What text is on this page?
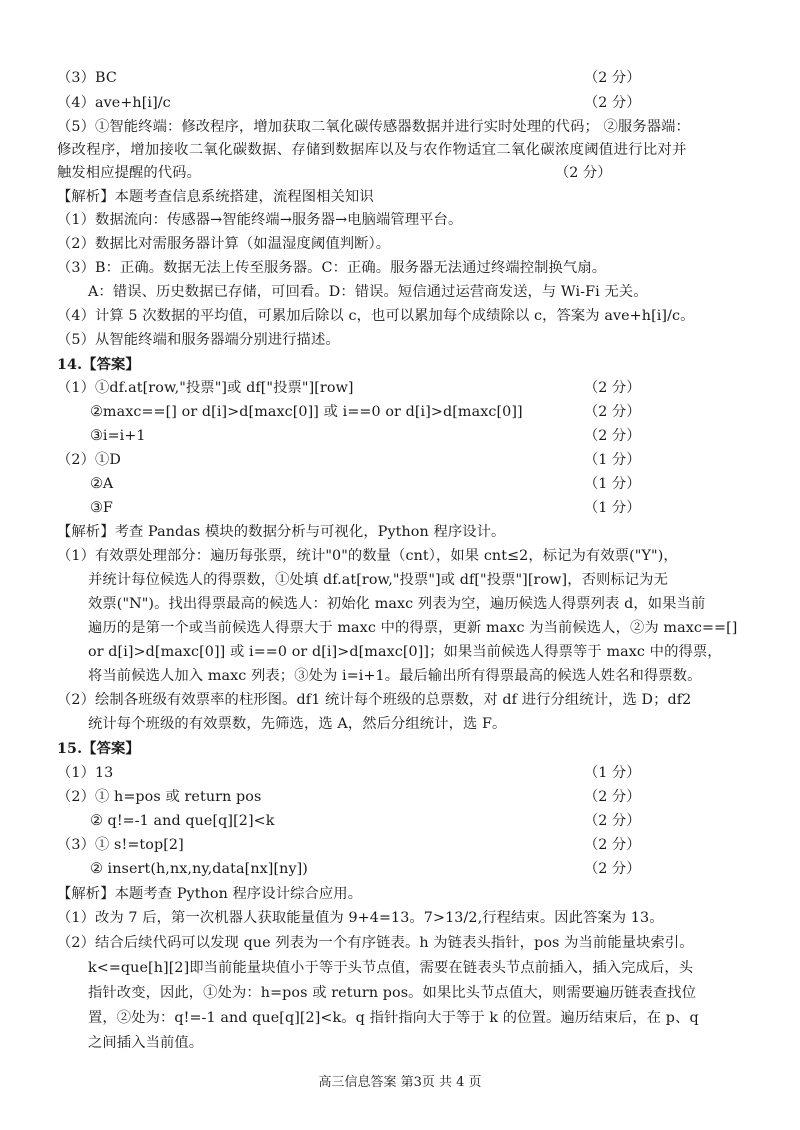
（3）BC	（2 分）
（4）ave+h[i]/c	（2 分）
（5）①智能终端：修改程序，增加获取二氧化碳传感器数据并进行实时处理的代码； ②服务器端：
修改程序，增加接收二氧化碳数据、存储到数据库以及与农作物适宜二氧化碳浓度阈值进行比对并
触发相应提醒的代码。	（2 分）
【解析】本题考查信息系统搭建，流程图相关知识
（1）数据流向：传感器→智能终端→服务器→电脑端管理平台。
（2）数据比对需服务器计算（如温湿度阈值判断）。
（3）B：正确。数据无法上传至服务器。C：正确。服务器无法通过终端控制换气扇。
A：错误、历史数据已存储，可回看。D：错误。短信通过运营商发送，与 Wi-Fi 无关。
（4）计算 5 次数据的平均值，可累加后除以 c，也可以累加每个成绩除以 c，答案为 ave+h[i]/c。
（5）从智能终端和服务器端分别进行描述。
14.【答案】
（1）①df.at[row,"投票"]或 df["投票"][row]	（2 分）
②maxc==[] or d[i]>d[maxc[0]] 或 i==0 or d[i]>d[maxc[0]]	（2 分）
③i=i+1	（2 分）
（2）①D	（1 分）
②A	（1 分）
③F	（1 分）
【解析】考查 Pandas 模块的数据分析与可视化，Python 程序设计。
（1）有效票处理部分：遍历每张票，统计"0"的数量（cnt），如果 cnt≤2，标记为有效票("Y")，
并统计每位候选人的得票数，①处填 df.at[row,"投票"]或 df["投票"][row]，否则标记为无
效票("N")。找出得票最高的候选人：初始化 maxc 列表为空，遍历候选人得票列表 d，如果当前
遍历的是第一个或当前候选人得票大于 maxc 中的得票，更新 maxc 为当前候选人，②为 maxc==[]
or d[i]>d[maxc[0]] 或 i==0 or d[i]>d[maxc[0]]；如果当前候选人得票等于 maxc 中的得票，
将当前候选人加入 maxc 列表；③处为 i=i+1。最后输出所有得票最高的候选人姓名和得票数。
（2）绘制各班级有效票率的柱形图。df1 统计每个班级的总票数，对 df 进行分组统计，选 D；df2
统计每个班级的有效票数，先筛选，选 A，然后分组统计，选 F。
15.【答案】
（1）13	（1 分）
（2）① h=pos 或 return pos	（2 分）
② q!=-1 and que[q][2]<k	（2 分）
（3）① s!=top[2]	（2 分）
② insert(h,nx,ny,data[nx][ny])	（2 分）
【解析】本题考查 Python 程序设计综合应用。
（1）改为 7 后，第一次机器人获取能量值为 9+4=13。7>13/2,行程结束。因此答案为 13。
（2）结合后续代码可以发现 que 列表为一个有序链表。h 为链表头指针，pos 为当前能量块索引。
k<=que[h][2]即当前能量块值小于等于头节点值，需要在链表头节点前插入，插入完成后，头
指针改变，因此，①处为：h=pos 或 return pos。如果比头节点值大，则需要遍历链表查找位
置，②处为：q!=-1 and que[q][2]<k。q 指针指向大于等于 k 的位置。遍历结束后，在 p、q
之间插入当前值。
高三信息答案 第3页 共 4 页
